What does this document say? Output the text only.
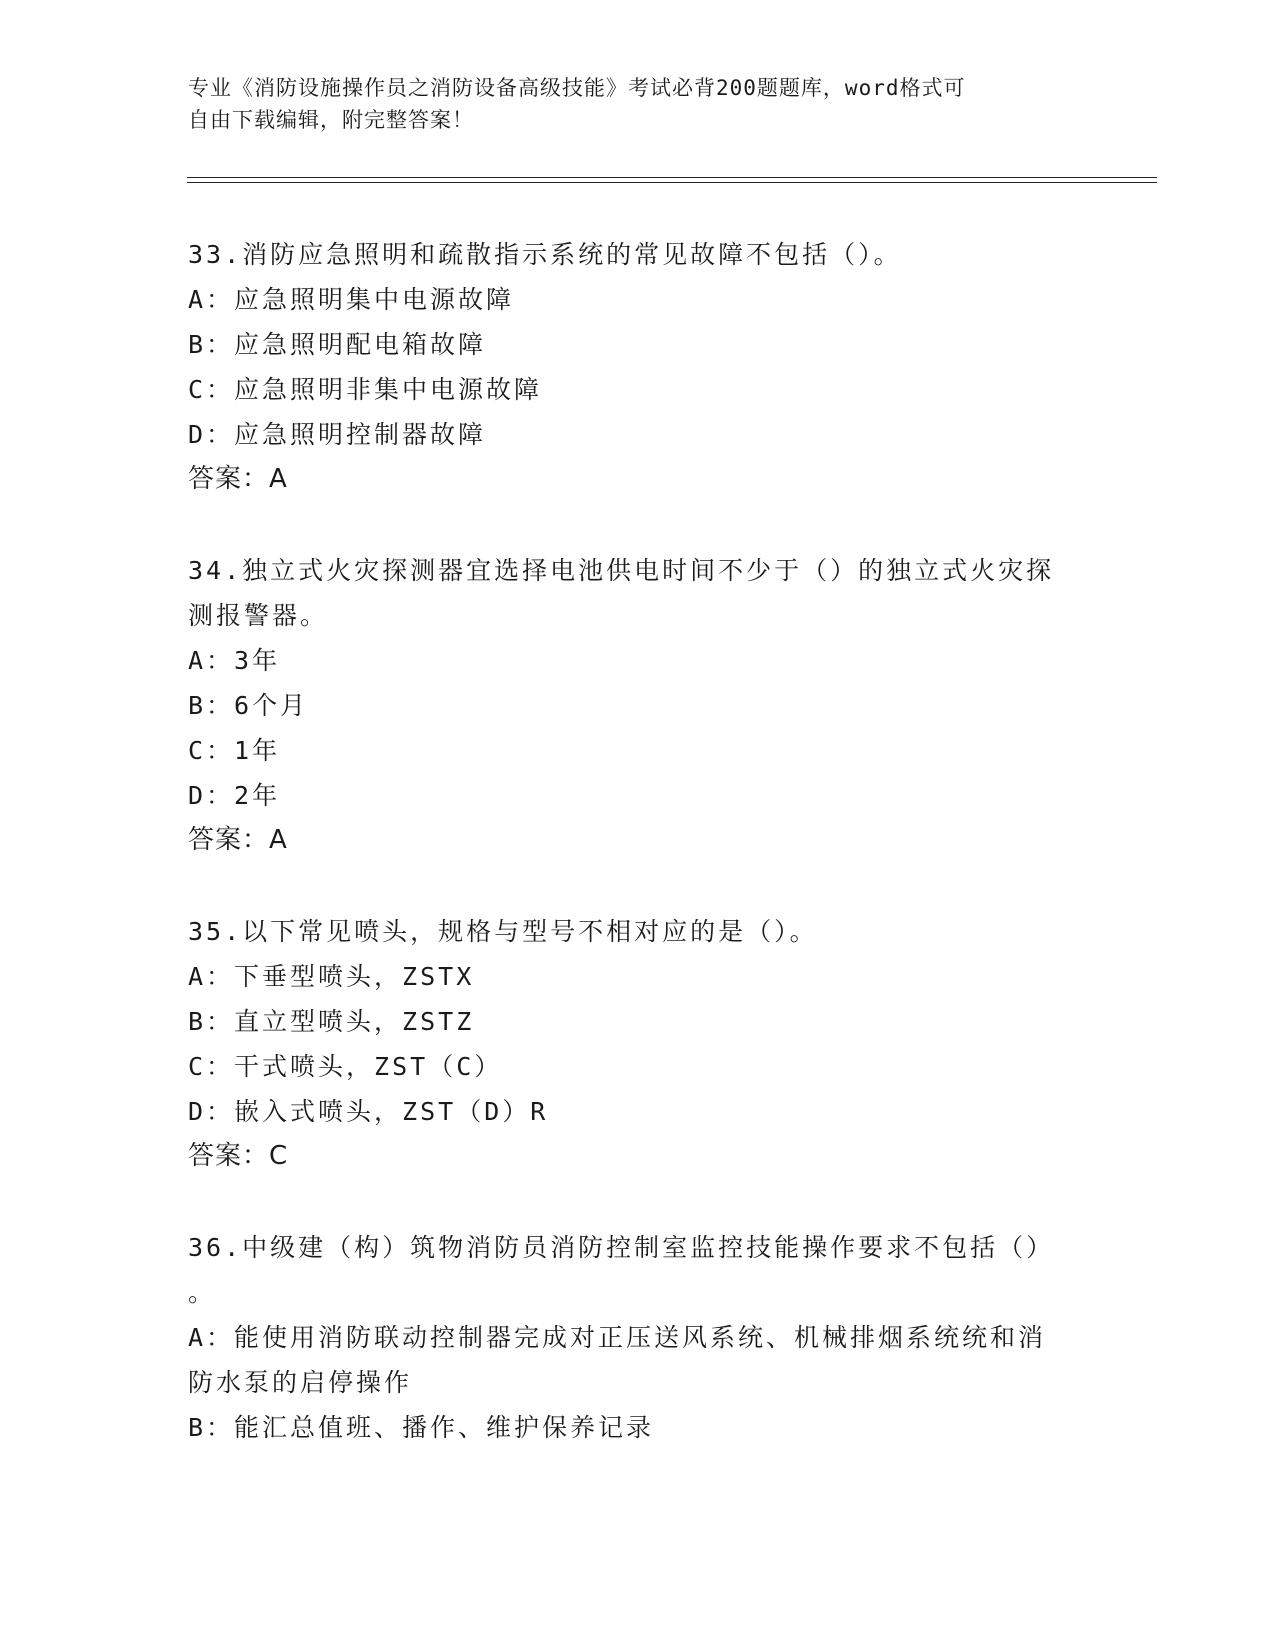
专业《消防设施操作员之消防设备高级技能》考试必背200题题库，word格式可
自由下载编辑，附完整答案！

33.消防应急照明和疏散指示系统的常见故障不包括（）。

A：应急照明集中电源故障

B：应急照明配电箱故障

C：应急照明非集中电源故障

D：应急照明控制器故障

答案：A

34.独立式火灾探测器宜选择电池供电时间不少于（）的独立式火灾探
测报警器。

A：3年

B：6个月

C：1年

D：2年

答案：A

35.以下常见喷头，规格与型号不相对应的是（）。

A：下垂型喷头，ZSTX

B：直立型喷头，ZSTZ

C：干式喷头，ZST（C）

D：嵌入式喷头，ZST（D）R

答案：C

36.中级建（构）筑物消防员消防控制室监控技能操作要求不包括（）
。

A：能使用消防联动控制器完成对正压送风系统、机械排烟系统统和消
防水泵的启停操作

B：能汇总值班、播作、维护保养记录
